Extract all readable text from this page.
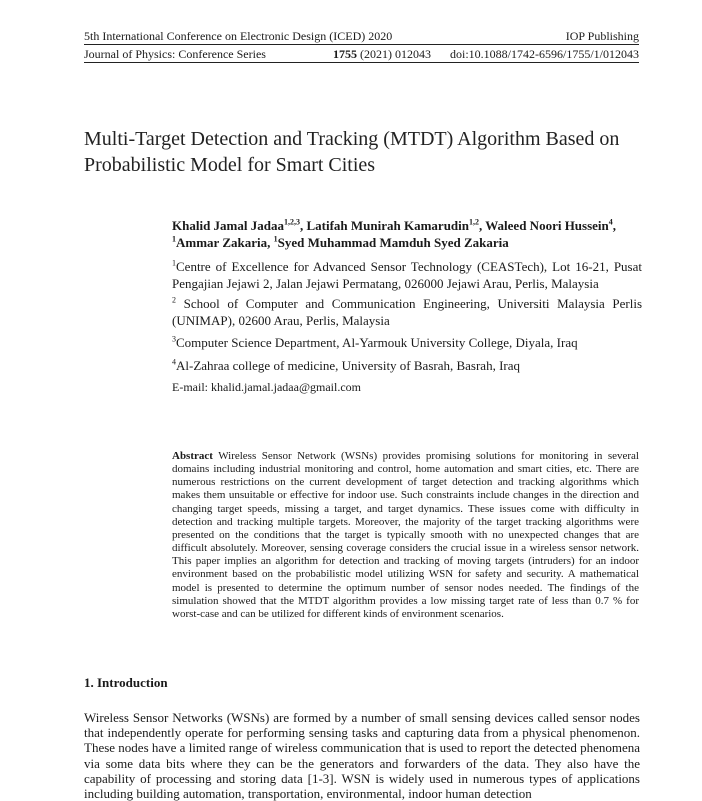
5th International Conference on Electronic Design (ICED) 2020	IOP Publishing
Journal of Physics: Conference Series	1755 (2021) 012043 doi:10.1088/1742-6596/1755/1/012043
Multi-Target Detection and Tracking (MTDT) Algorithm Based on Probabilistic Model for Smart Cities
Khalid Jamal Jadaa$^{1,2,3}$, Latifah Munirah Kamarudin$^{1,2}$, Waleed Noori Hussein$^4$,
$^1$Ammar Zakaria, $^1$Syed Muhammad Mamduh Syed Zakaria
$^1$Centre of Excellence for Advanced Sensor Technology (CEASTech), Lot 16-21, Pusat Pengajian Jejawi 2, Jalan Jejawi Permatang, 026000 Jejawi Arau, Perlis, Malaysia
$^2$ School of Computer and Communication Engineering, Universiti Malaysia Perlis (UNIMAP), 02600 Arau, Perlis, Malaysia
$^3$Computer Science Department, Al-Yarmouk University College, Diyala, Iraq
$^4$Al-Zahraa college of medicine, University of Basrah, Basrah, Iraq
E-mail: khalid.jamal.jadaa@gmail.com
Abstract Wireless Sensor Network (WSNs) provides promising solutions for monitoring in several domains including industrial monitoring and control, home automation and smart cities, etc. There are numerous restrictions on the current development of target detection and tracking algorithms which makes them unsuitable or effective for indoor use. Such constraints include changes in the direction and changing target speeds, missing a target, and target dynamics. These issues come with difficulty in detection and tracking multiple targets. Moreover, the majority of the target tracking algorithms were presented on the conditions that the target is typically smooth with no unexpected changes that are difficult absolutely. Moreover, sensing coverage considers the crucial issue in a wireless sensor network. This paper implies an algorithm for detection and tracking of moving targets (intruders) for an indoor environment based on the probabilistic model utilizing WSN for safety and security. A mathematical model is presented to determine the optimum number of sensor nodes needed. The findings of the simulation showed that the MTDT algorithm provides a low missing target rate of less than 0.7 % for worst-case and can be utilized for different kinds of environment scenarios.
1. Introduction
Wireless Sensor Networks (WSNs) are formed by a number of small sensing devices called sensor nodes that independently operate for performing sensing tasks and capturing data from a physical phenomenon. These nodes have a limited range of wireless communication that is used to report the detected phenomena via some data bits where they can be the generators and forwarders of the data. They also have the capability of processing and storing data [1-3]. WSN is widely used in numerous types of applications including building automation, transportation, environmental, indoor human detection
